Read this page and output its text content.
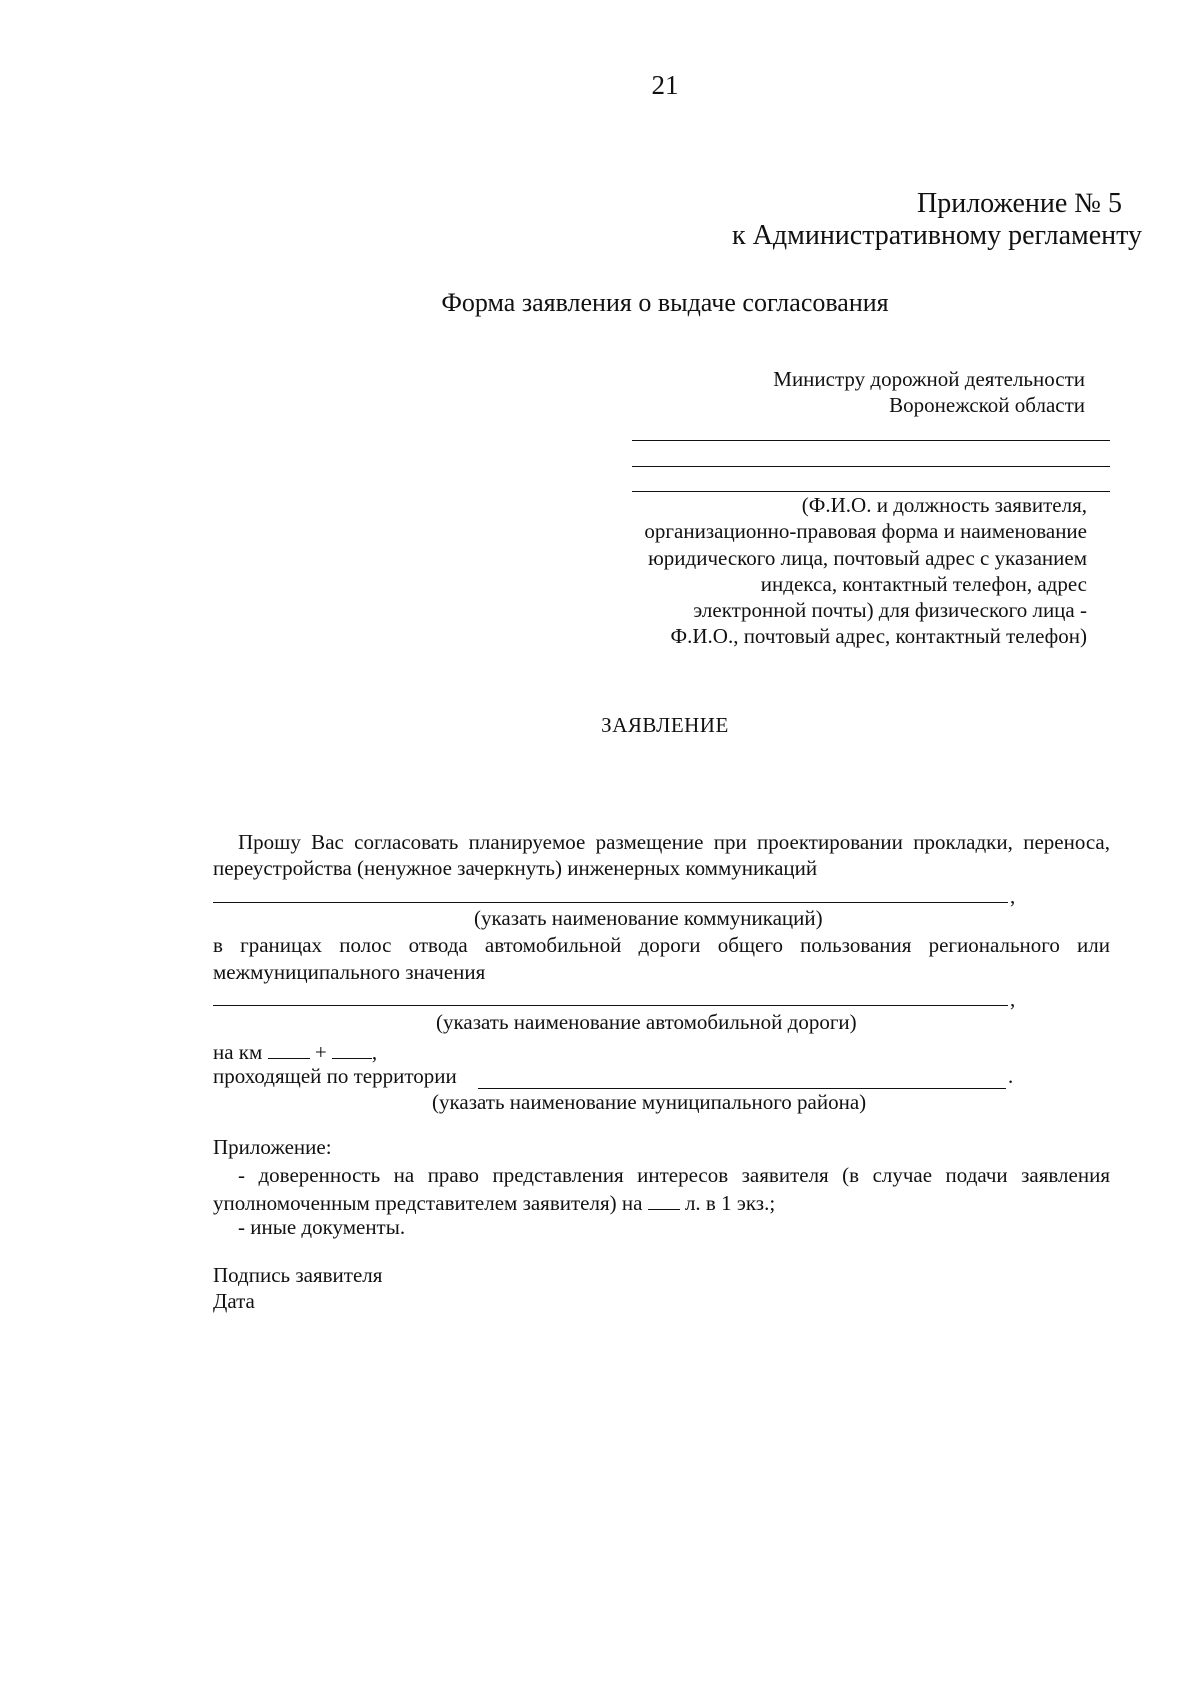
21
Приложение № 5
к Административному регламенту
Форма заявления о выдаче согласования
Министру дорожной деятельности
Воронежской области
(Ф.И.О. и должность заявителя,
организационно-правовая форма и наименование
юридического лица, почтовый адрес с указанием
индекса, контактный телефон, адрес
электронной почты) для физического лица -
Ф.И.О., почтовый адрес, контактный телефон)
ЗАЯВЛЕНИЕ
Прошу Вас согласовать планируемое размещение при проектировании прокладки, переноса,
переустройства (ненужное зачеркнуть) инженерных коммуникаций
,
(указать наименование коммуникаций)
в границах полос отвода автомобильной дороги общего пользования регионального или
межмуниципального значения
,
(указать наименование автомобильной дороги)
на км	+ ,
проходящей по территории	.
(указать наименование муниципального района)
Приложение:
- доверенность на право представления интересов заявителя (в случае подачи заявления
уполномоченным представителем заявителя) на л. в 1 экз.;
- иные документы.
Подпись заявителя
Дата
